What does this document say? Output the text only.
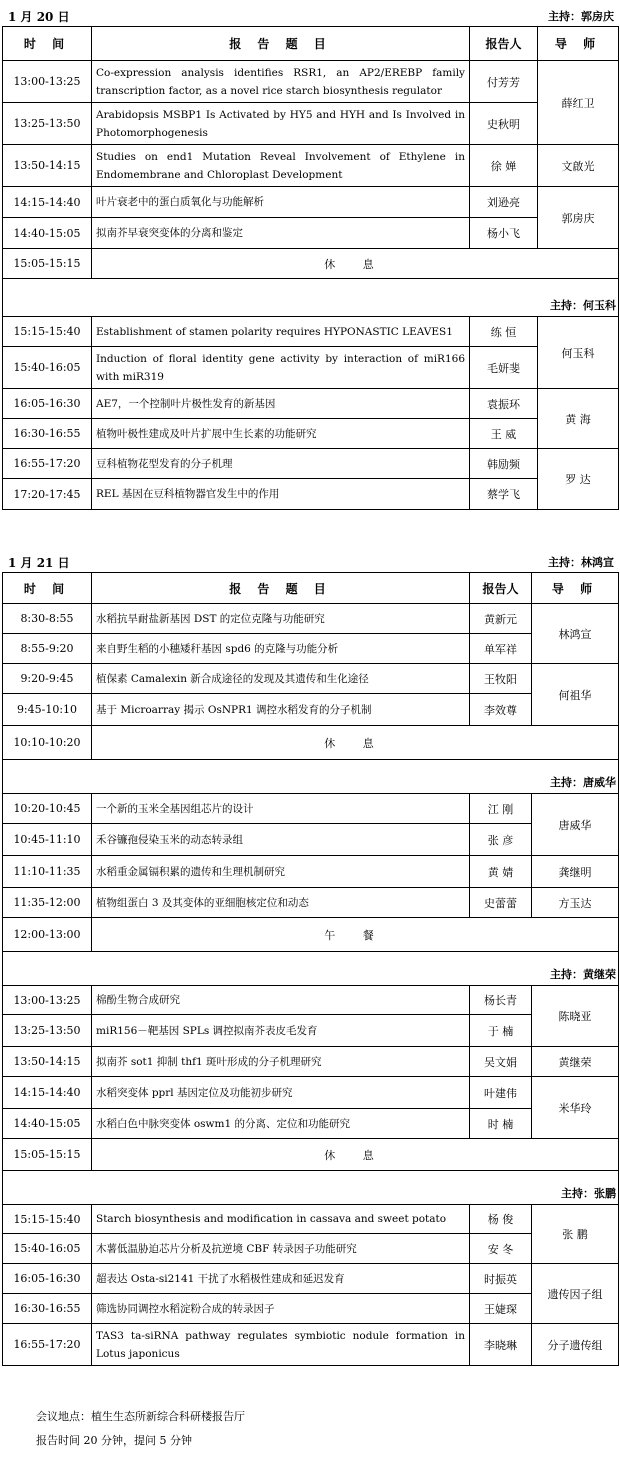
1 月 20 日	主持：郭房庆
时 间	报 告 题 目	报告人	导 师
13:00-13:25	Co-expression analysis identifies RSR1, an AP2/EREBP family transcription factor, as a novel rice starch biosynthesis regulator	付芳芳	薛红卫
13:25-13:50	Arabidopsis MSBP1 Is Activated by HY5 and HYH and Is Involved in Photomorphogenesis	史秋明	
13:50-14:15	Studies on end1 Mutation Reveal Involvement of Ethylene in Endomembrane and Chloroplast Development	徐 婵	文啟光
14:15-14:40	叶片衰老中的蛋白质氧化与功能解析	刘逊亮	郭房庆
14:40-15:05	拟南芥早衰突变体的分离和鉴定	杨小飞	
15:05-15:15	休 息		
主持：何玉科			
15:15-15:40	Establishment of stamen polarity requires HYPONASTIC LEAVES1	练 恒	何玉科
15:40-16:05	Induction of floral identity gene activity by interaction of miR166 with miR319	毛妍斐	
16:05-16:30	AE7，一个控制叶片极性发育的新基因	袁振环	黄 海
16:30-16:55	植物叶极性建成及叶片扩展中生长素的功能研究	王 威	
16:55-17:20	豆科植物花型发育的分子机理	韩励频	罗 达
17:20-17:45	REL 基因在豆科植物器官发生中的作用	蔡学飞	
1 月 21 日	主持：林鸿宣
时 间	报 告 题 目	报告人	导 师
8:30-8:55	水稻抗旱耐盐新基因 DST 的定位克隆与功能研究	黄新元	林鸿宣
8:55-9:20	来自野生稻的小穗矮秆基因 spd6 的克隆与功能分析	单军祥	
9:20-9:45	植保素 Camalexin 新合成途径的发现及其遗传和生化途径	王牧阳	何祖华
9:45-10:10	基于 Microarray 揭示 OsNPR1 调控水稻发育的分子机制	李效尊	
10:10-10:20	休 息		
主持：唐威华			
10:20-10:45	一个新的玉米全基因组芯片的设计	江 刚	唐威华
10:45-11:10	禾谷镰孢侵染玉米的动态转录组	张 彦	
11:10-11:35	水稻重金属镉积累的遗传和生理机制研究	黄 婧	龚继明
11:35-12:00	植物组蛋白 3 及其变体的亚细胞核定位和动态	史蕾蕾	方玉达
12:00-13:00	午 餐		
主持：黄继荣			
13:00-13:25	棉酚生物合成研究	杨长青	陈晓亚
13:25-13:50	miR156－靶基因 SPLs 调控拟南芥表皮毛发育	于 楠	
13:50-14:15	拟南芥 sot1 抑制 thf1 斑叶形成的分子机理研究	吴文娟	黄继荣
14:15-14:40	水稻突变体 pprl 基因定位及功能初步研究	叶建伟	米华玲
14:40-15:05	水稻白色中脉突变体 oswm1 的分离、定位和功能研究	时 楠	
15:05-15:15	休 息		
主持：张鹏			
15:15-15:40	Starch biosynthesis and modification in cassava and sweet potato	杨 俊	张 鹏
15:40-16:05	木薯低温胁迫芯片分析及抗逆境 CBF 转录因子功能研究	安 冬	
16:05-16:30	超表达 Osta-si2141 干扰了水稻极性建成和延迟发育	时振英	遗传因子组
16:30-16:55	筛选协同调控水稻淀粉合成的转录因子	王婕琛	
16:55-17:20	TAS3 ta-siRNA pathway regulates symbiotic nodule formation in Lotus japonicus	李晓琳	分子遗传组
会议地点：植生生态所新综合科研楼报告厅
报告时间 20 分钟，提问 5 分钟
